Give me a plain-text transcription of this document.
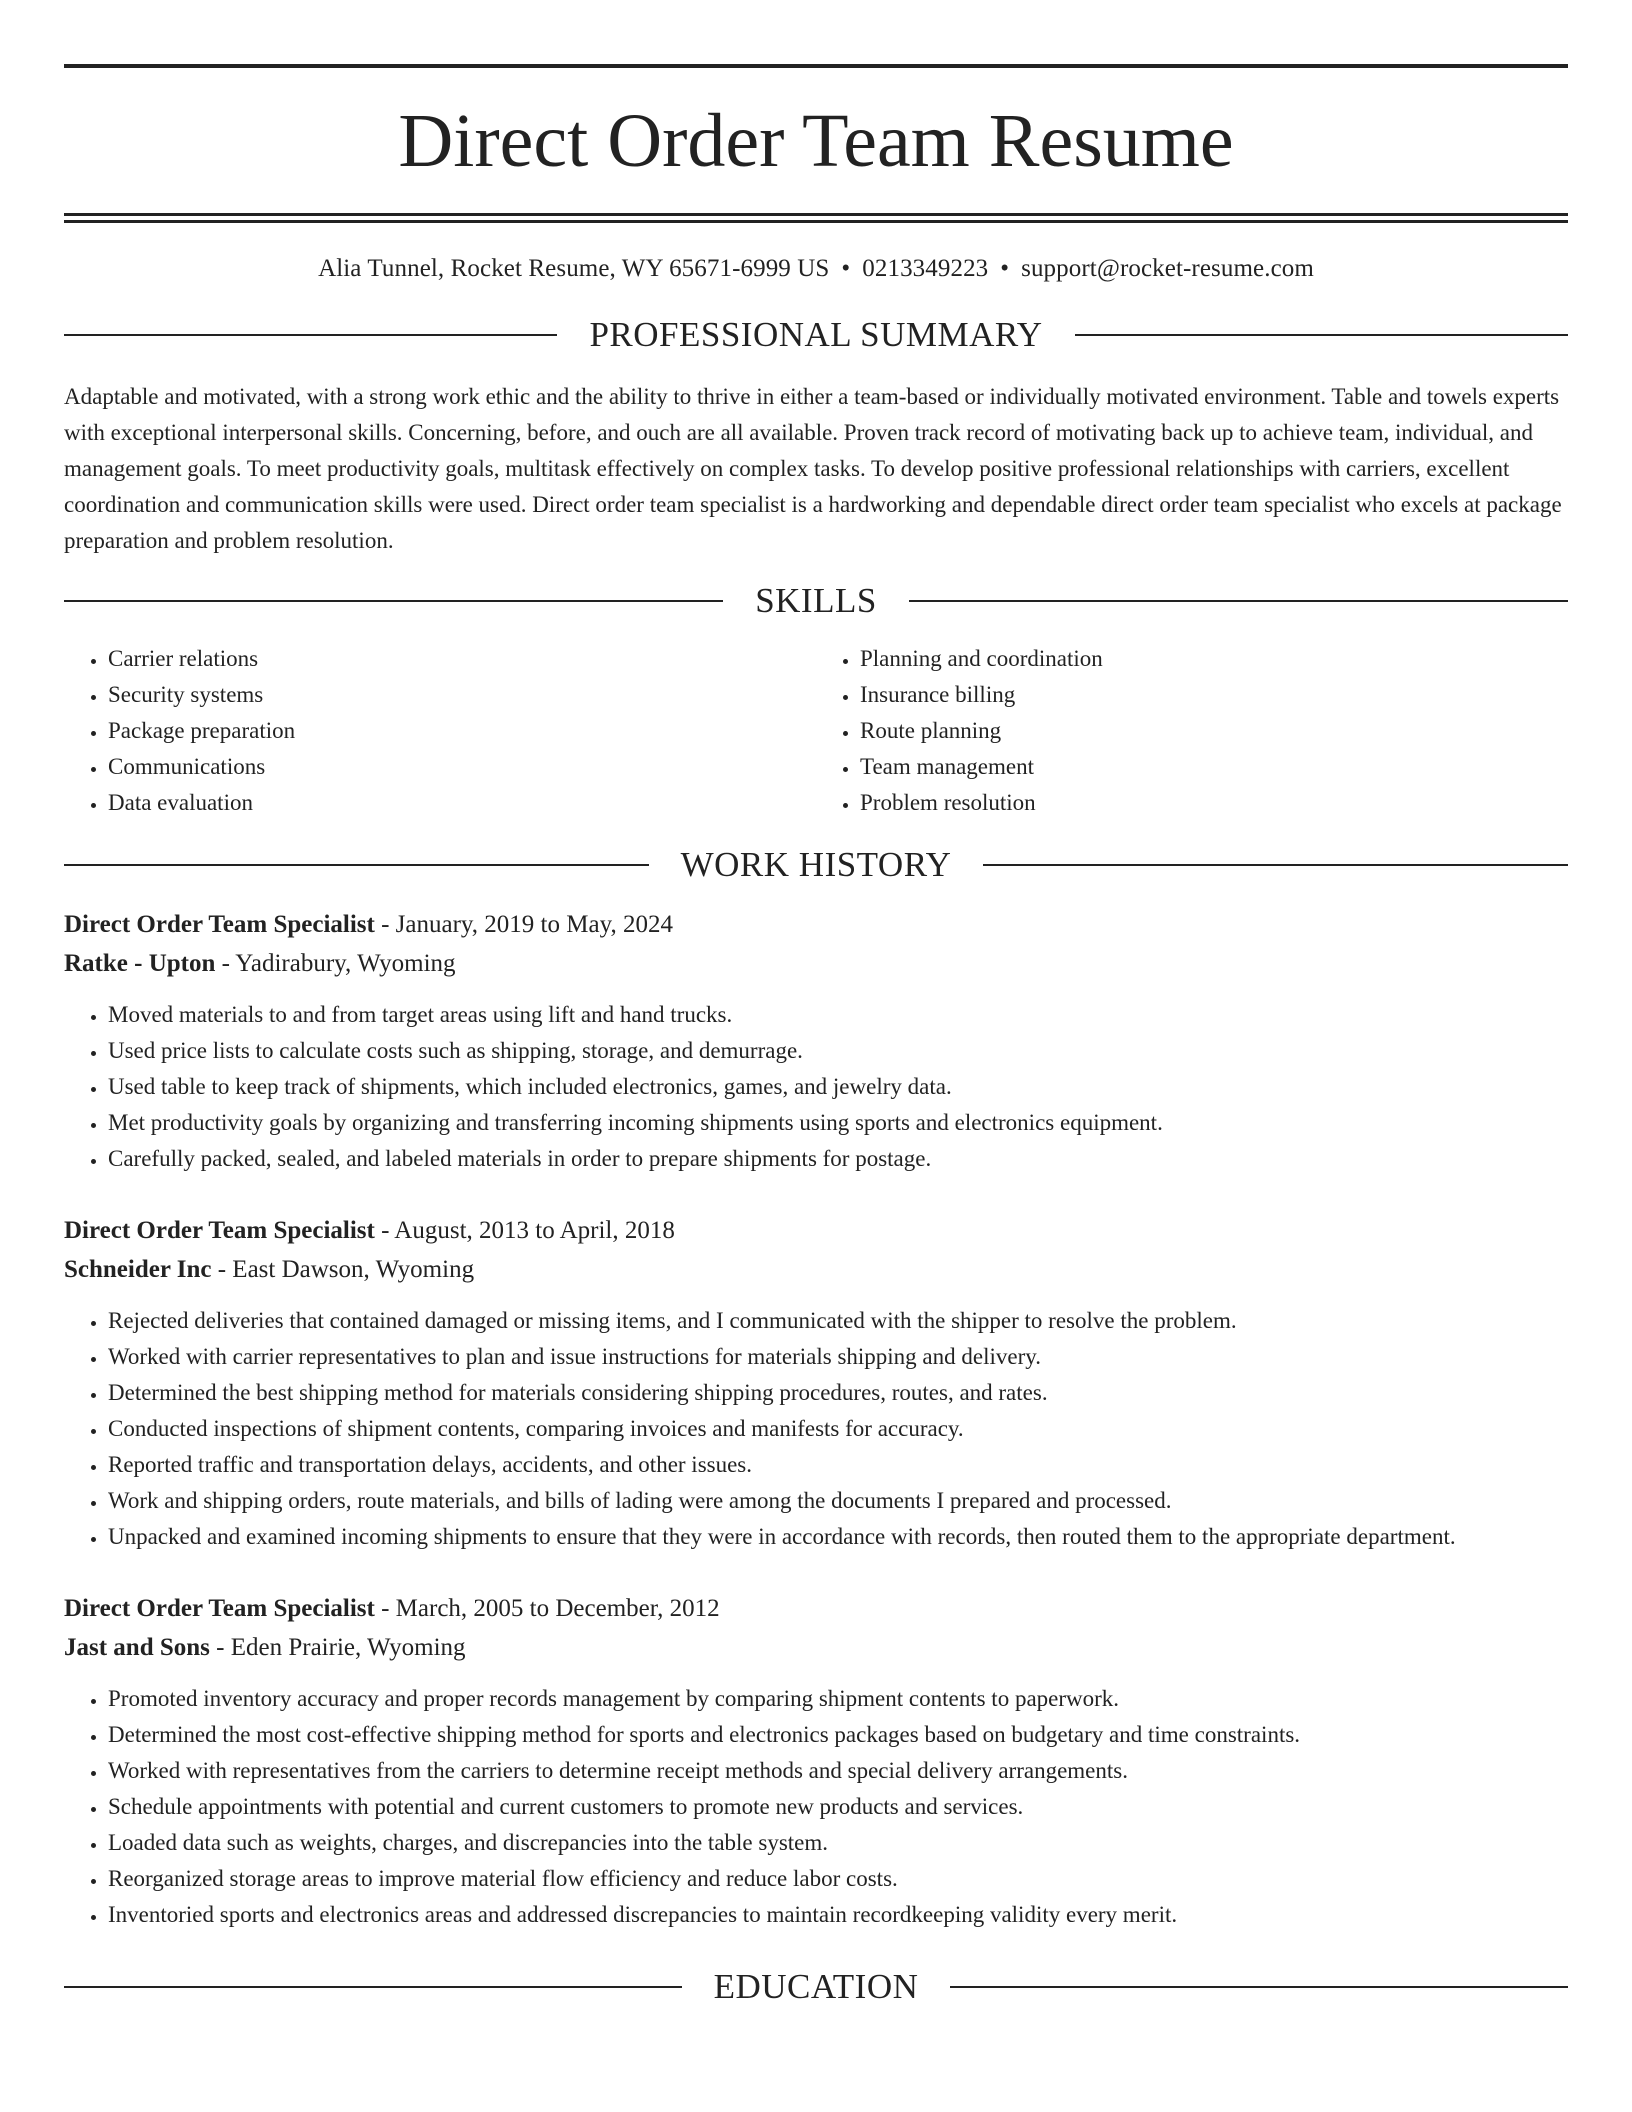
Direct Order Team Resume
Alia Tunnel, Rocket Resume, WY 65671-6999 US • 0213349223 • support@rocket-resume.com
PROFESSIONAL SUMMARY
Adaptable and motivated, with a strong work ethic and the ability to thrive in either a team-based or individually motivated environment. Table and towels experts with exceptional interpersonal skills. Concerning, before, and ouch are all available. Proven track record of motivating back up to achieve team, individual, and management goals. To meet productivity goals, multitask effectively on complex tasks. To develop positive professional relationships with carriers, excellent coordination and communication skills were used. Direct order team specialist is a hardworking and dependable direct order team specialist who excels at package preparation and problem resolution.
SKILLS
• Carrier relations
• Security systems
• Package preparation
• Communications
• Data evaluation
• Planning and coordination
• Insurance billing
• Route planning
• Team management
• Problem resolution
WORK HISTORY
Direct Order Team Specialist - January, 2019 to May, 2024
Ratke - Upton - Yadirabury, Wyoming
• Moved materials to and from target areas using lift and hand trucks.
• Used price lists to calculate costs such as shipping, storage, and demurrage.
• Used table to keep track of shipments, which included electronics, games, and jewelry data.
• Met productivity goals by organizing and transferring incoming shipments using sports and electronics equipment.
• Carefully packed, sealed, and labeled materials in order to prepare shipments for postage.
Direct Order Team Specialist - August, 2013 to April, 2018
Schneider Inc - East Dawson, Wyoming
• Rejected deliveries that contained damaged or missing items, and I communicated with the shipper to resolve the problem.
• Worked with carrier representatives to plan and issue instructions for materials shipping and delivery.
• Determined the best shipping method for materials considering shipping procedures, routes, and rates.
• Conducted inspections of shipment contents, comparing invoices and manifests for accuracy.
• Reported traffic and transportation delays, accidents, and other issues.
• Work and shipping orders, route materials, and bills of lading were among the documents I prepared and processed.
• Unpacked and examined incoming shipments to ensure that they were in accordance with records, then routed them to the appropriate department.
Direct Order Team Specialist - March, 2005 to December, 2012
Jast and Sons - Eden Prairie, Wyoming
• Promoted inventory accuracy and proper records management by comparing shipment contents to paperwork.
• Determined the most cost-effective shipping method for sports and electronics packages based on budgetary and time constraints.
• Worked with representatives from the carriers to determine receipt methods and special delivery arrangements.
• Schedule appointments with potential and current customers to promote new products and services.
• Loaded data such as weights, charges, and discrepancies into the table system.
• Reorganized storage areas to improve material flow efficiency and reduce labor costs.
• Inventoried sports and electronics areas and addressed discrepancies to maintain recordkeeping validity every merit.
EDUCATION
